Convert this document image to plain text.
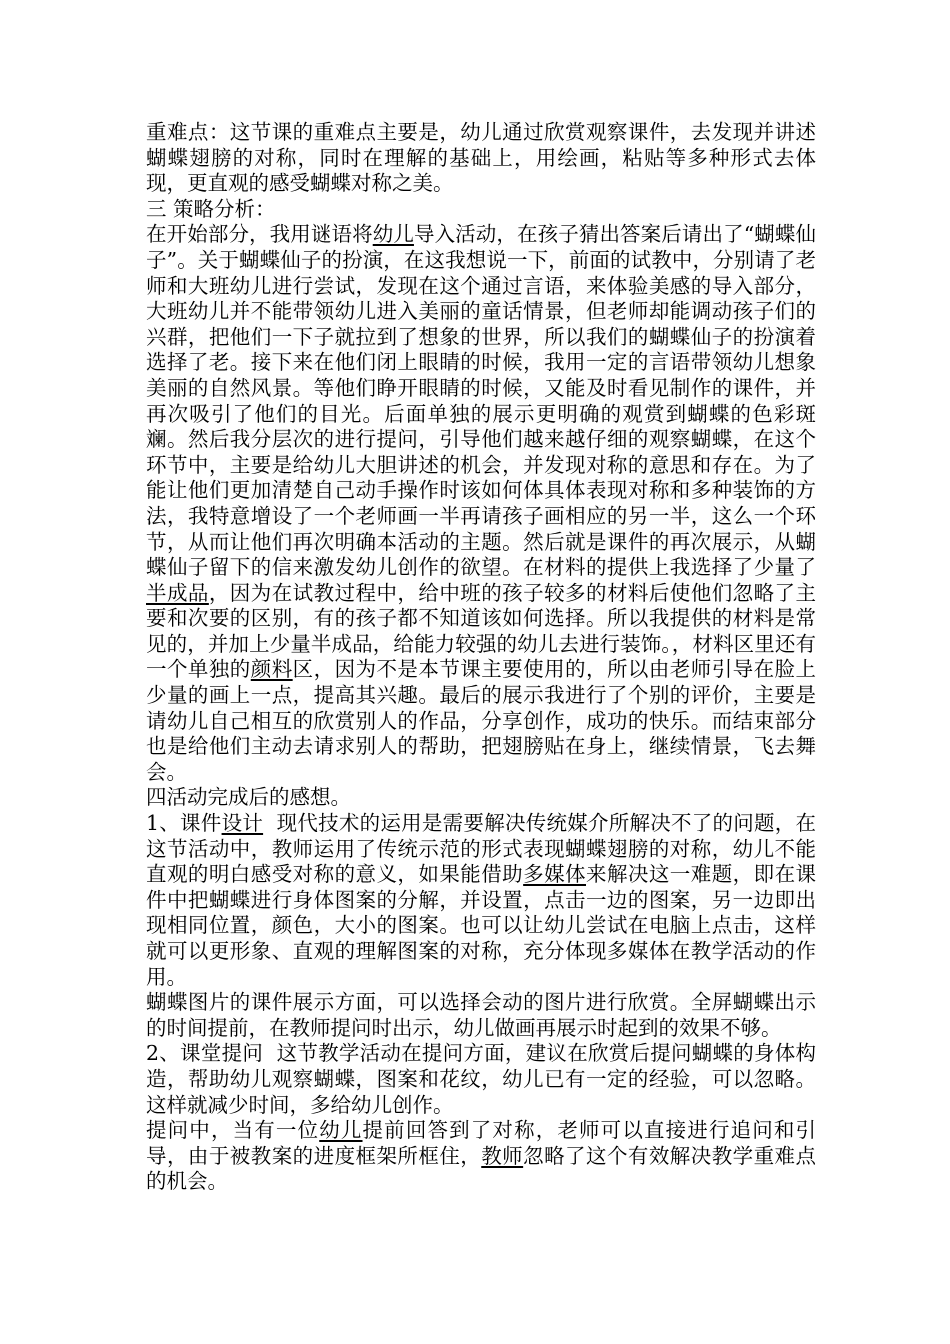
重难点：这节课的重难点主要是，幼儿通过欣赏观察课件，去发现并讲述蝴蝶翅膀的对称，同时在理解的基础上，用绘画，粘贴等多种形式去体现，更直观的感受蝴蝶对称之美。

三 策略分析：

在开始部分，我用谜语将幼儿导入活动，在孩子猜出答案后请出了“蝴蝶仙子”。关于蝴蝶仙子的扮演，在这我想说一下，前面的试教中，分别请了老师和大班幼儿进行尝试，发现在这个通过言语，来体验美感的导入部分，大班幼儿并不能带领幼儿进入美丽的童话情景，但老师却能调动孩子们的兴群，把他们一下子就拉到了想象的世界，所以我们的蝴蝶仙子的扮演着选择了老。接下来在他们闭上眼睛的时候，我用一定的言语带领幼儿想象美丽的自然风景。等他们睁开眼睛的时候，又能及时看见制作的课件，并再次吸引了他们的目光。后面单独的展示更明确的观赏到蝴蝶的色彩斑斓。然后我分层次的进行提问，引导他们越来越仔细的观察蝴蝶，在这个环节中，主要是给幼儿大胆讲述的机会，并发现对称的意思和存在。为了能让他们更加清楚自己动手操作时该如何体具体表现对称和多种装饰的方法，我特意增设了一个老师画一半再请孩子画相应的另一半，这么一个环节，从而让他们再次明确本活动的主题。然后就是课件的再次展示，从蝴蝶仙子留下的信来激发幼儿创作的欲望。在材料的提供上我选择了少量了半成品，因为在试教过程中，给中班的孩子较多的材料后使他们忽略了主要和次要的区别，有的孩子都不知道该如何选择。所以我提供的材料是常见的，并加上少量半成品，给能力较强的幼儿去进行装饰。，材料区里还有一个单独的颜料区，因为不是本节课主要使用的，所以由老师引导在脸上少量的画上一点，提高其兴趣。最后的展示我进行了个别的评价，主要是请幼儿自己相互的欣赏别人的作品，分享创作，成功的快乐。而结束部分也是给他们主动去请求别人的帮助，把翅膀贴在身上，继续情景，飞去舞会。

四活动完成后的感想。

1、课件设计  现代技术的运用是需要解决传统媒介所解决不了的问题，在这节活动中，教师运用了传统示范的形式表现蝴蝶翅膀的对称，幼儿不能直观的明白感受对称的意义，如果能借助多媒体来解决这一难题，即在课件中把蝴蝶进行身体图案的分解，并设置，点击一边的图案，另一边即出现相同位置，颜色，大小的图案。也可以让幼儿尝试在电脑上点击，这样就可以更形象、直观的理解图案的对称，充分体现多媒体在教学活动的作用。

蝴蝶图片的课件展示方面，可以选择会动的图片进行欣赏。全屏蝴蝶出示的时间提前，在教师提问时出示，幼儿做画再展示时起到的效果不够。

2、课堂提问  这节教学活动在提问方面，建议在欣赏后提问蝴蝶的身体构造，帮助幼儿观察蝴蝶，图案和花纹，幼儿已有一定的经验，可以忽略。这样就减少时间，多给幼儿创作。

提问中，当有一位幼儿提前回答到了对称，老师可以直接进行追问和引导，由于被教案的进度框架所框住，教师忽略了这个有效解决教学重难点的机会。
